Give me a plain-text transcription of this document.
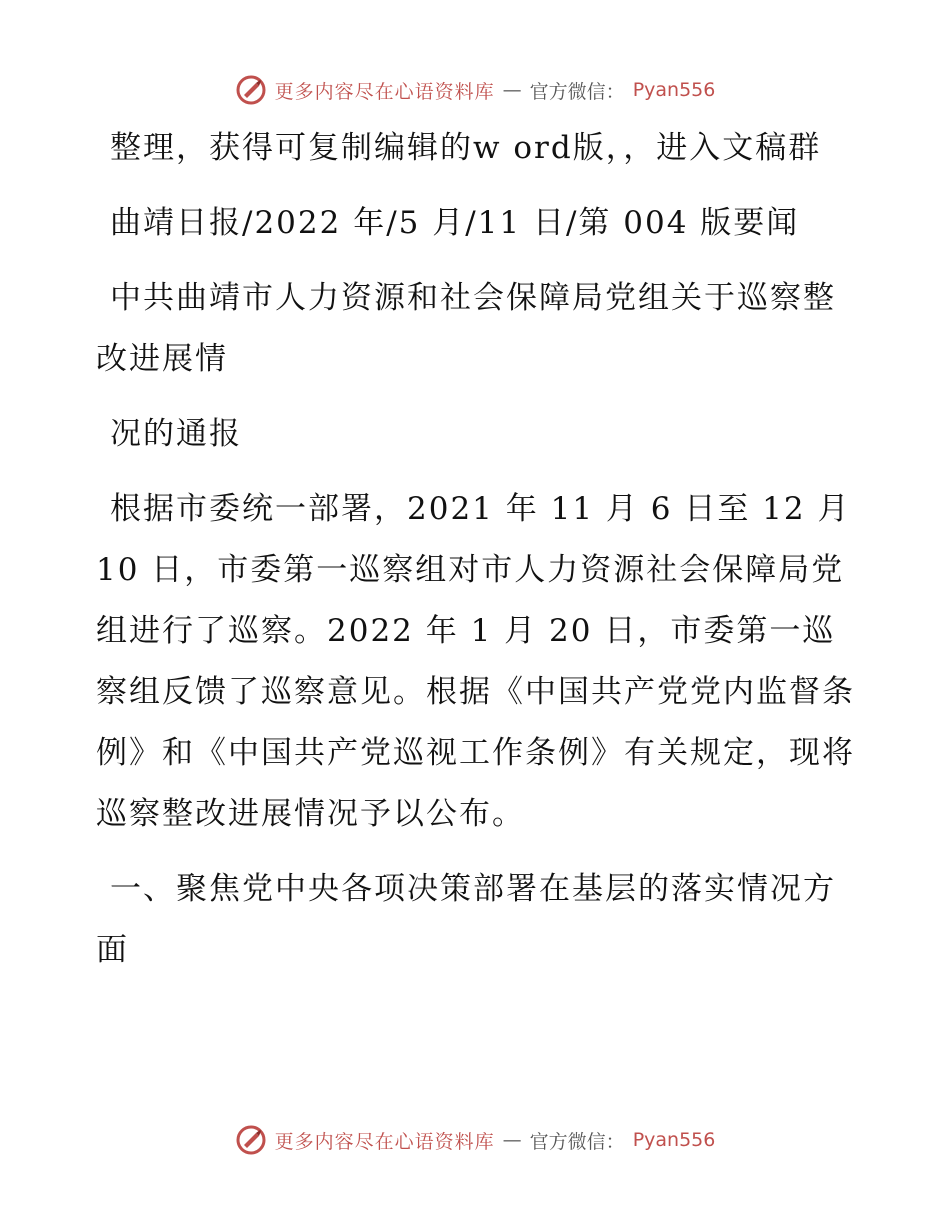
更多内容尽在心语资料库 — 官方微信： Pyan556

整理，获得可复制编辑的w ord版，，进入文稿群

曲靖日报/2022 年/5 月/11 日/第 004 版要闻

中共曲靖市人力资源和社会保障局党组关于巡察整改进展情

况的通报

根据市委统一部署，2021 年 11 月 6 日至 12 月 10 日，市委第一巡察组对市人力资源社会保障局党组进行了巡察。2022 年 1 月 20 日，市委第一巡察组反馈了巡察意见。根据《中国共产党党内监督条例》和《中国共产党巡视工作条例》有关规定，现将巡察整改进展情况予以公布。

一、聚焦党中央各项决策部署在基层的落实情况方面

更多内容尽在心语资料库 — 官方微信： Pyan556
